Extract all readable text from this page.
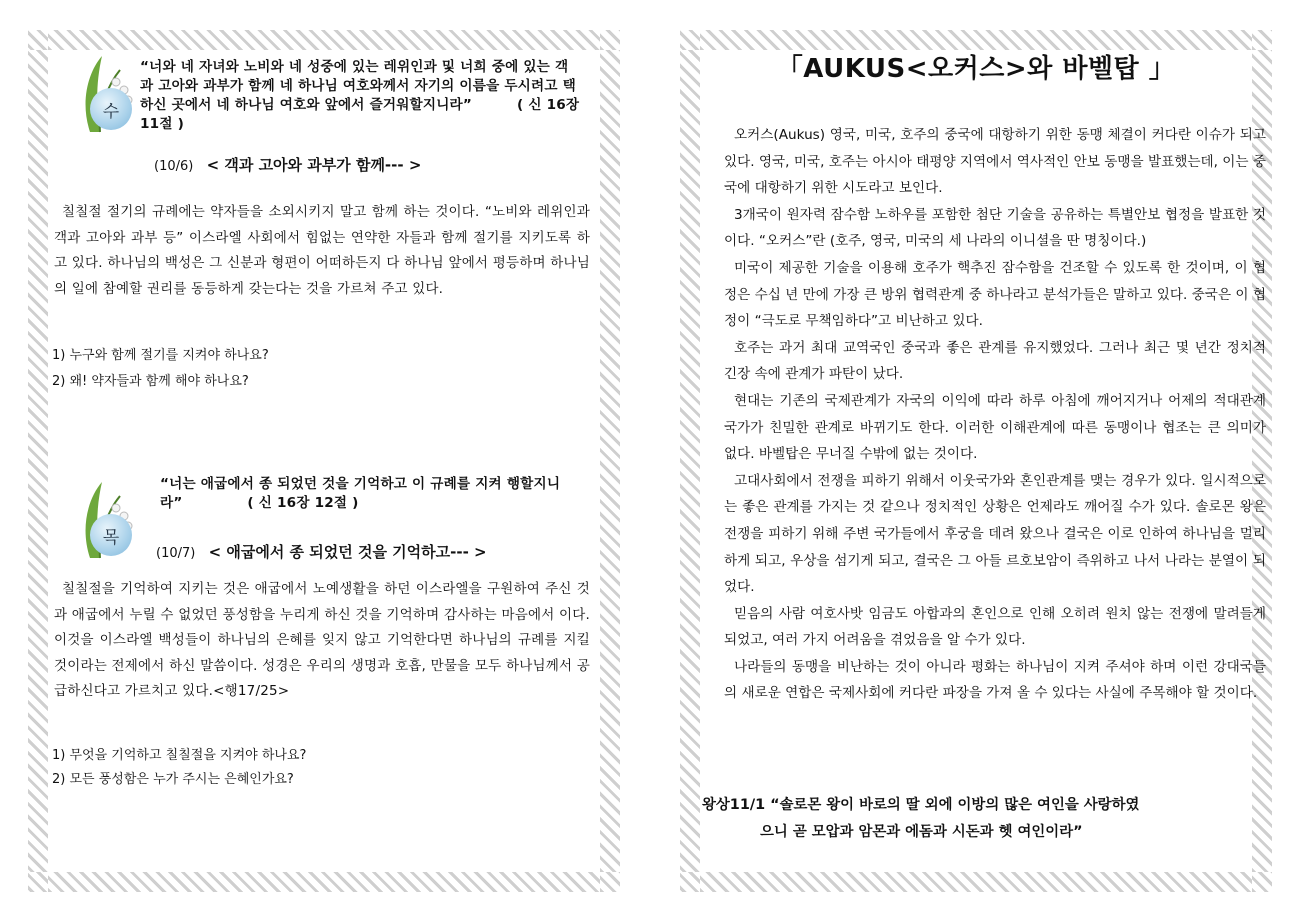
수
“너와 네 자녀와 노비와 네 성중에 있는 레위인과 및 너희 중에 있는 객과 고아와 과부가 함께 네 하나님 여호와께서 자기의 이름을 두시려고 택하신 곳에서 네 하나님 여호와 앞에서 즐거워할지니라”	( 신 16장 11절 )
(10/6) < 객과 고아와 과부가 함께--- >
칠칠절 절기의 규례에는 약자들을 소외시키지 말고 함께 하는 것이다. “노비와 레위인과 객과 고아와 과부 등” 이스라엘 사회에서 힘없는 연약한 자들과 함께 절기를 지키도록 하고 있다. 하나님의 백성은 그 신분과 형편이 어떠하든지 다 하나님 앞에서 평등하며 하나님의 일에 참예할 권리를 동등하게 갖는다는 것을 가르쳐 주고 있다.
1) 누구와 함께 절기를 지켜야 하나요?
2) 왜! 약자들과 함께 해야 하나요?
목
“너는 애굽에서 종 되었던 것을 기억하고 이 규례를 지켜 행할지니라”	( 신 16장 12절 )
(10/7) < 애굽에서 종 되었던 것을 기억하고--- >
칠칠절을 기억하여 지키는 것은 애굽에서 노예생활을 하던 이스라엘을 구원하여 주신 것과 애굽에서 누릴 수 없었던 풍성함을 누리게 하신 것을 기억하며 감사하는 마음에서 이다. 이것을 이스라엘 백성들이 하나님의 은혜를 잊지 않고 기억한다면 하나님의 규례를 지킬 것이라는 전제에서 하신 말씀이다. 성경은 우리의 생명과 호흡, 만물을 모두 하나님께서 공급하신다고 가르치고 있다.<행17/25>
1) 무엇을 기억하고 칠칠절을 지켜야 하나요?
2) 모든 풍성함은 누가 주시는 은혜인가요?
「AUKUS<오커스>와 바벨탑 」

오커스(Aukus) 영국, 미국, 호주의 중국에 대항하기 위한 동맹 체결이 커다란 이슈가 되고 있다. 영국, 미국, 호주는 아시아 태평양 지역에서 역사적인 안보 동맹을 발표했는데, 이는 중국에 대항하기 위한 시도라고 보인다.

3개국이 원자력 잠수함 노하우를 포함한 첨단 기술을 공유하는 특별안보 협정을 발표한 것이다. “오커스”란 (호주, 영국, 미국의 세 나라의 이니셜을 딴 명칭이다.)

미국이 제공한 기술을 이용해 호주가 핵추진 잠수함을 건조할 수 있도록 한 것이며, 이 협정은 수십 년 만에 가장 큰 방위 협력관계 중 하나라고 분석가들은 말하고 있다. 중국은 이 협정이 “극도로 무책임하다”고 비난하고 있다.

호주는 과거 최대 교역국인 중국과 좋은 관계를 유지했었다. 그러나 최근 몇 년간 정치적 긴장 속에 관계가 파탄이 났다.

현대는 기존의 국제관계가 자국의 이익에 따라 하루 아침에 깨어지거나 어제의 적대관계 국가가 친밀한 관계로 바뀌기도 한다. 이러한 이해관계에 따른 동맹이나 협조는 큰 의미가 없다. 바벨탑은 무너질 수밖에 없는 것이다.

고대사회에서 전쟁을 피하기 위해서 이웃국가와 혼인관계를 맺는 경우가 있다. 일시적으로는 좋은 관계를 가지는 것 같으나 정치적인 상황은 언제라도 깨어질 수가 있다. 솔로몬 왕은 전쟁을 피하기 위해 주변 국가들에서 후궁을 데려 왔으나 결국은 이로 인하여 하나님을 멀리하게 되고, 우상을 섬기게 되고, 결국은 그 아들 르호보암이 즉위하고 나서 나라는 분열이 되었다.

믿음의 사람 여호사밧 임금도 아합과의 혼인으로 인해 오히려 원치 않는 전쟁에 말려들게 되었고, 여러 가지 어려움을 겪었음을 알 수가 있다.

나라들의 동맹을 비난하는 것이 아니라 평화는 하나님이 지켜 주셔야 하며 이런 강대국들의 새로운 연합은 국제사회에 커다란 파장을 가져 올 수 있다는 사실에 주목해야 할 것이다.

왕상11/1 “솔로몬 왕이 바로의 딸 외에 이방의 많은 여인을 사랑하였
으니 곧 모압과 암몬과 에돔과 시돈과 헷 여인이라”
